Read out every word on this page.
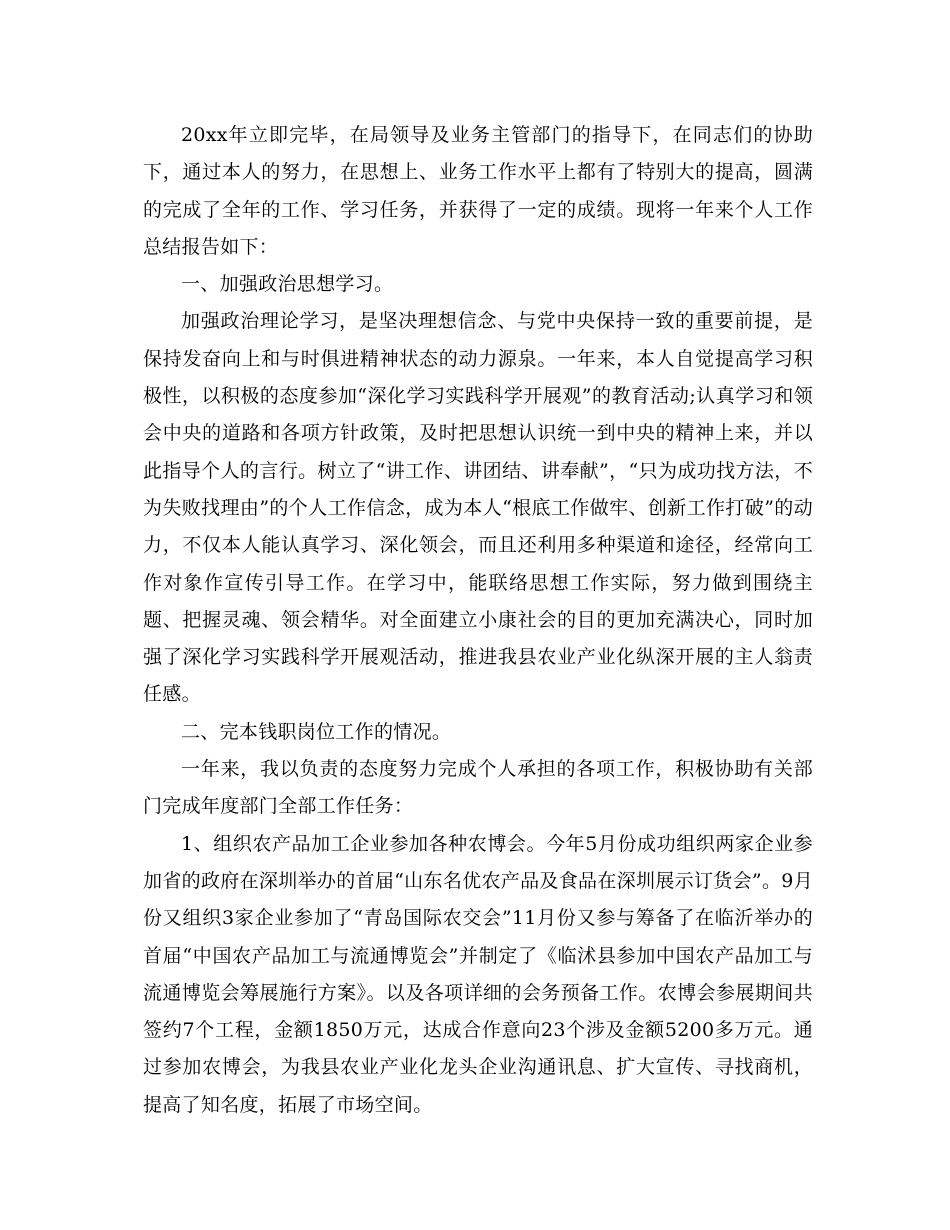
20xx年立即完毕，在局领导及业务主管部门的指导下，在同志们的协助下，通过本人的努力，在思想上、业务工作水平上都有了特别大的提高，圆满的完成了全年的工作、学习任务，并获得了一定的成绩。现将一年来个人工作总结报告如下：

一、加强政治思想学习。

加强政治理论学习，是坚决理想信念、与党中央保持一致的重要前提，是保持发奋向上和与时俱进精神状态的动力源泉。一年来，本人自觉提高学习积极性，以积极的态度参加“深化学习实践科学开展观”的教育活动;认真学习和领会中央的道路和各项方针政策，及时把思想认识统一到中央的精神上来，并以此指导个人的言行。树立了“讲工作、讲团结、讲奉献”，“只为成功找方法，不为失败找理由”的个人工作信念，成为本人“根底工作做牢、创新工作打破”的动力，不仅本人能认真学习、深化领会，而且还利用多种渠道和途径，经常向工作对象作宣传引导工作。在学习中，能联络思想工作实际，努力做到围绕主题、把握灵魂、领会精华。对全面建立小康社会的目的更加充满决心，同时加强了深化学习实践科学开展观活动，推进我县农业产业化纵深开展的主人翁责任感。

二、完本钱职岗位工作的情况。

一年来，我以负责的态度努力完成个人承担的各项工作，积极协助有关部门完成年度部门全部工作任务：

1、组织农产品加工企业参加各种农博会。今年5月份成功组织两家企业参加省的政府在深圳举办的首届“山东名优农产品及食品在深圳展示订货会”。9月份又组织3家企业参加了“青岛国际农交会”11月份又参与筹备了在临沂举办的首届“中国农产品加工与流通博览会”并制定了《临沭县参加中国农产品加工与流通博览会筹展施行方案》。以及各项详细的会务预备工作。农博会参展期间共签约7个工程，金额1850万元，达成合作意向23个涉及金额5200多万元。通过参加农博会，为我县农业产业化龙头企业沟通讯息、扩大宣传、寻找商机，提高了知名度，拓展了市场空间。
